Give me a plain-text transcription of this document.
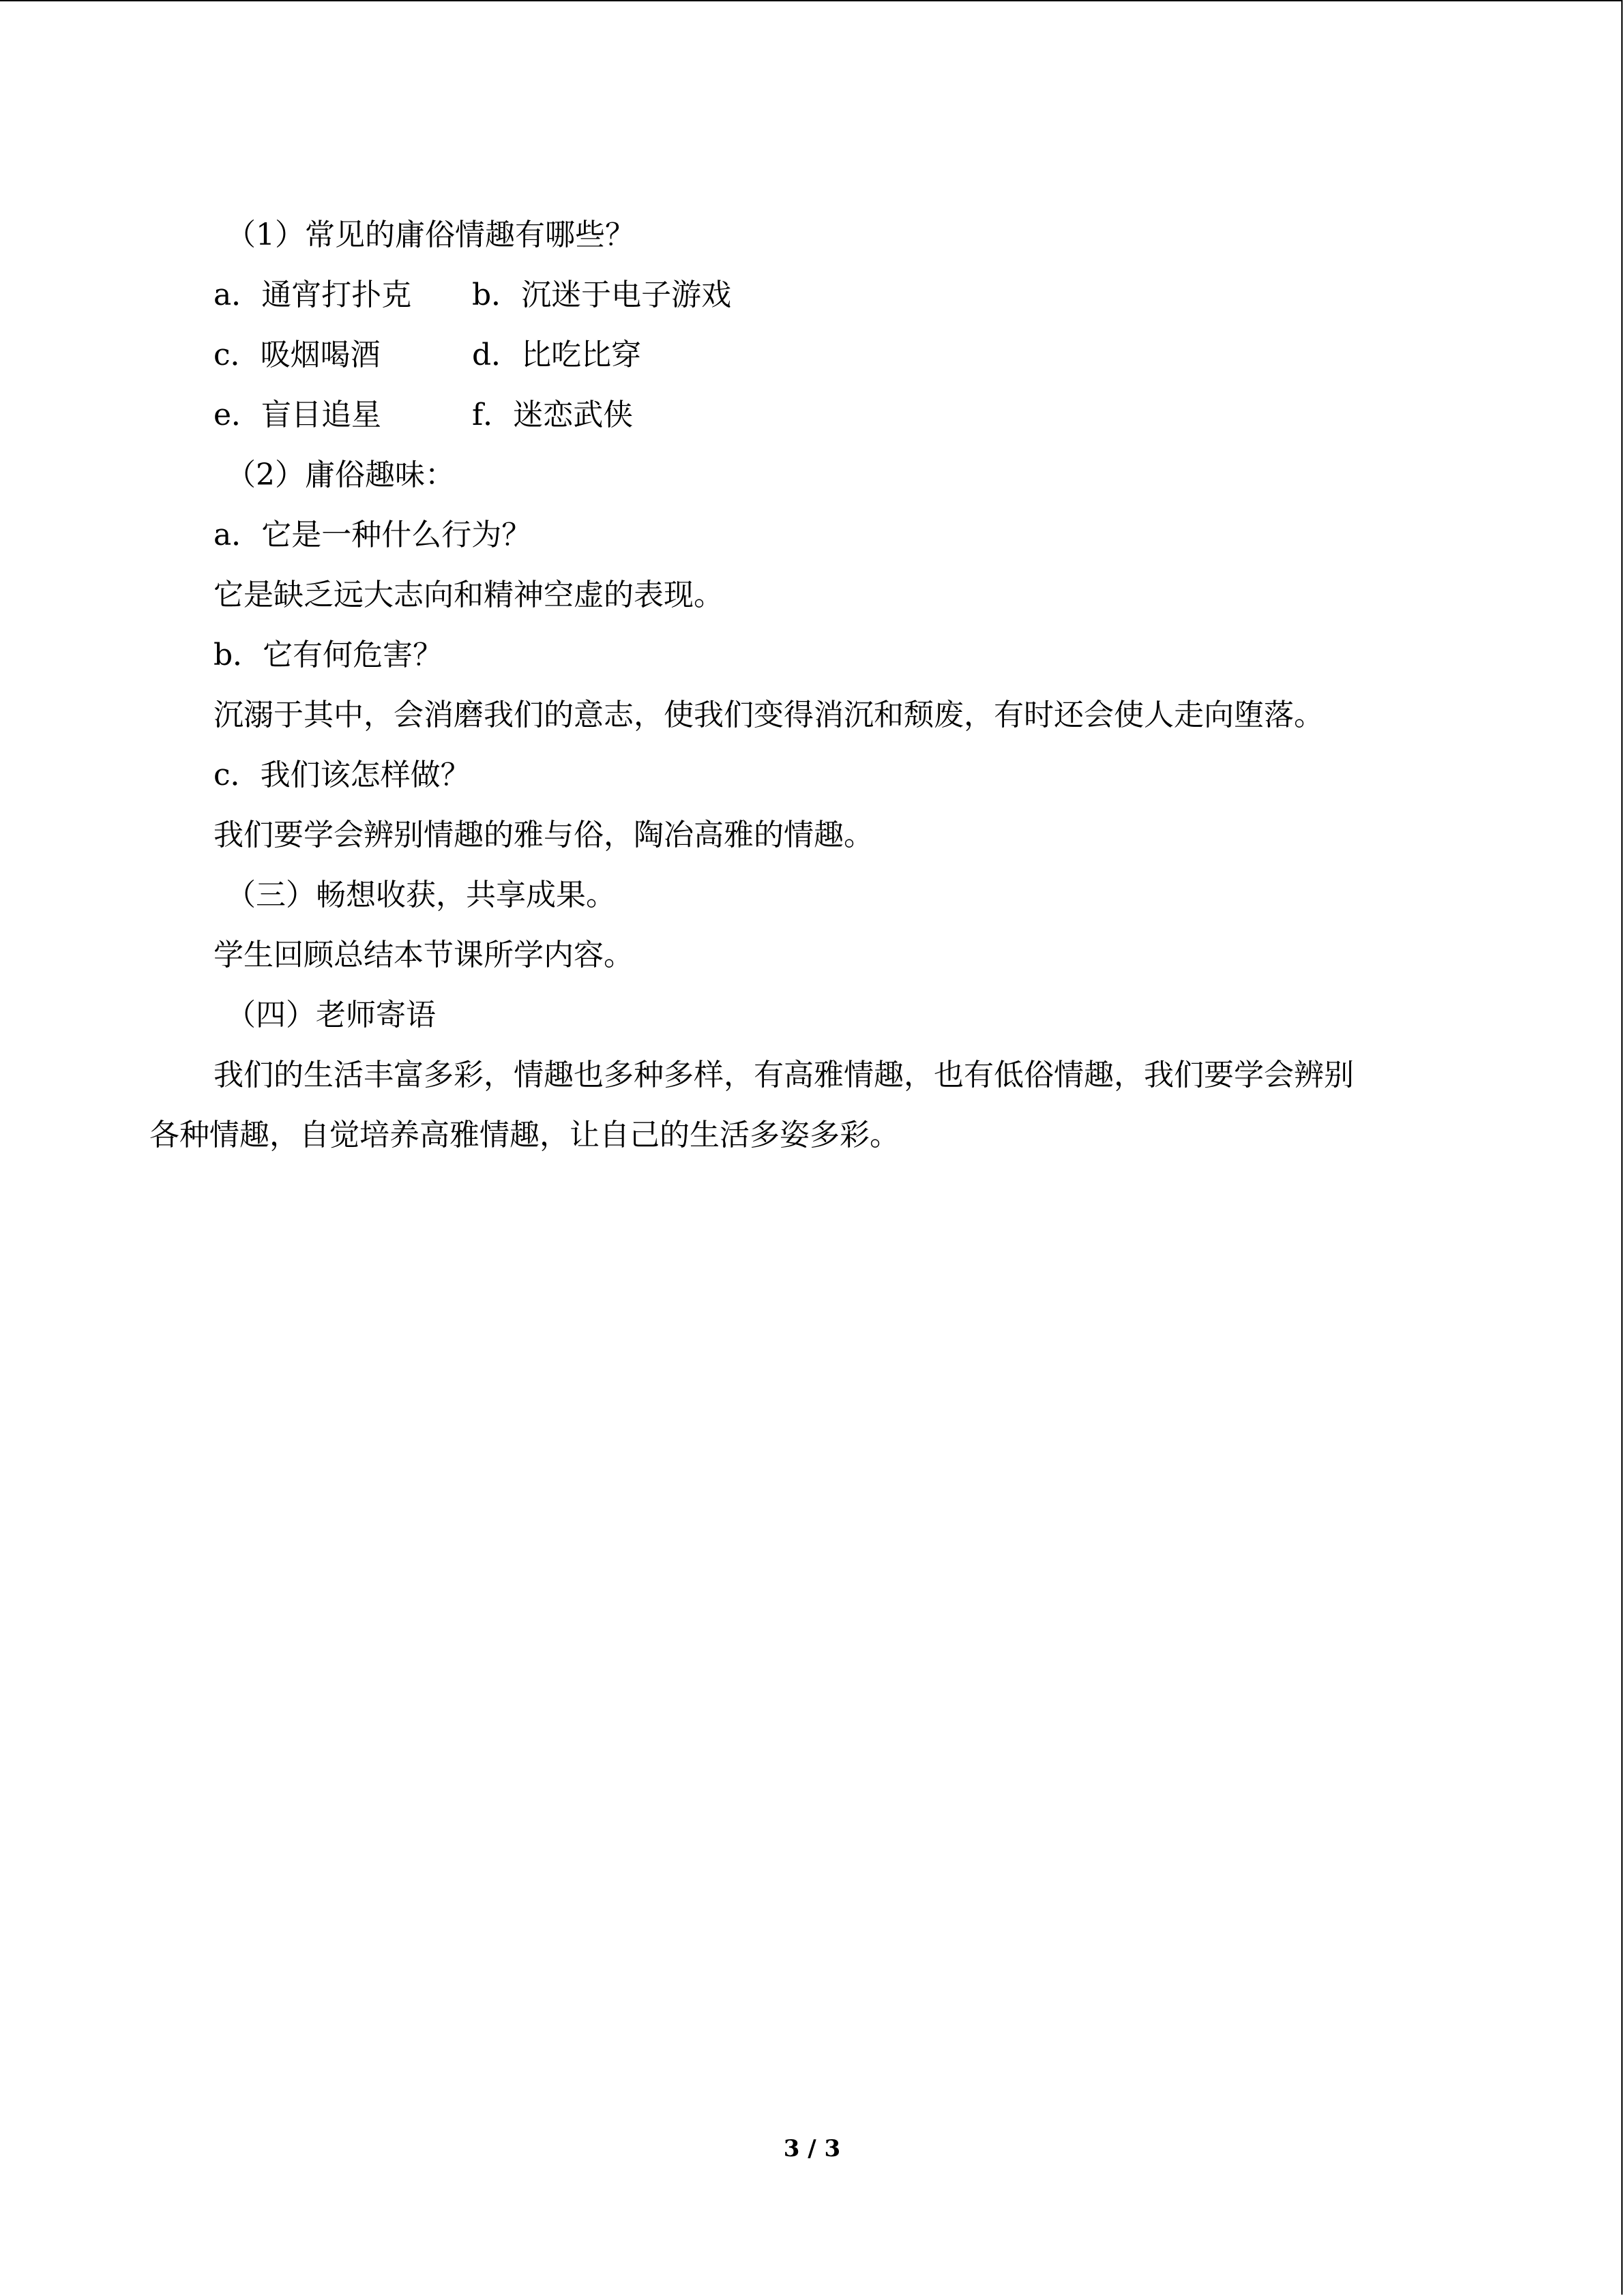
（1）常见的庸俗情趣有哪些？
a．通宵打扑克 b．沉迷于电子游戏
c．吸烟喝酒	d．比吃比穿
e．盲目追星	f．迷恋武侠
（2）庸俗趣味：
a．它是一种什么行为？
它是缺乏远大志向和精神空虚的表现。
b．它有何危害？
沉溺于其中，会消磨我们的意志，使我们变得消沉和颓废，有时还会使人走向堕落。
c．我们该怎样做？
我们要学会辨别情趣的雅与俗，陶冶高雅的情趣。
（三）畅想收获，共享成果。
学生回顾总结本节课所学内容。
（四）老师寄语
我们的生活丰富多彩，情趣也多种多样，有高雅情趣，也有低俗情趣，我们要学会辨别
各种情趣，自觉培养高雅情趣，让自己的生活多姿多彩。
3 / 3
